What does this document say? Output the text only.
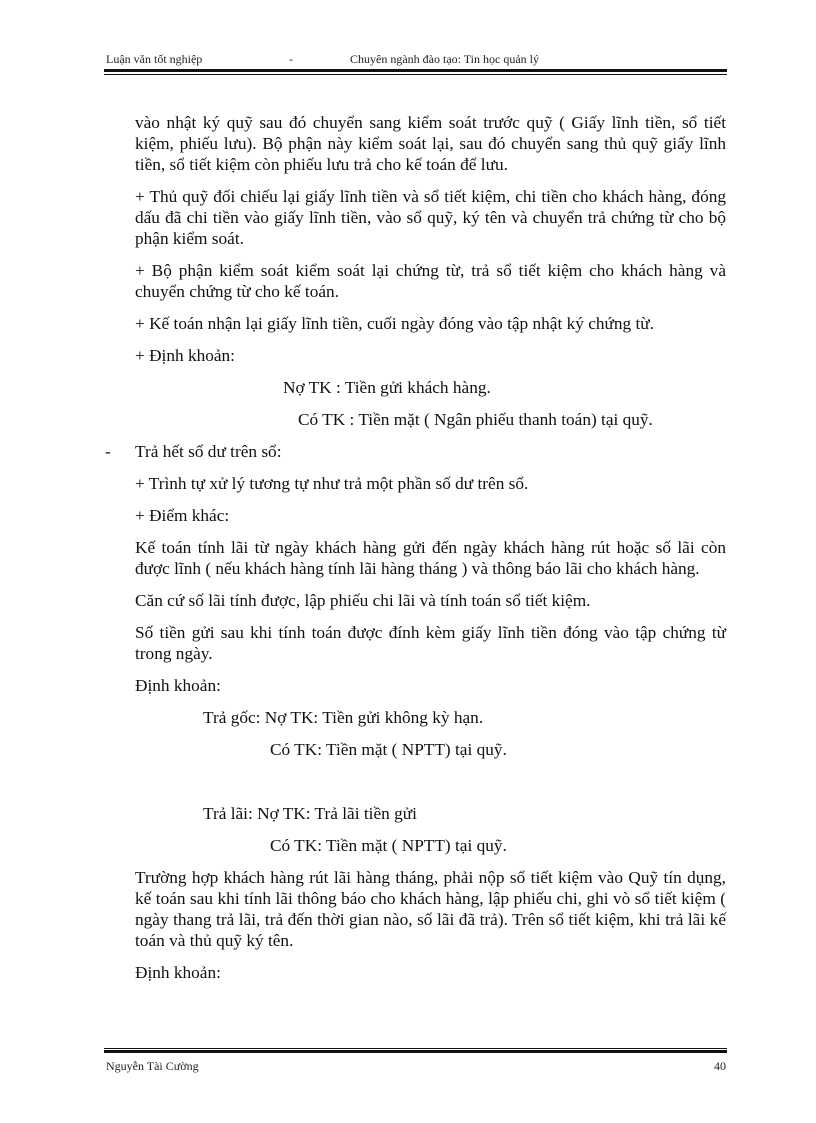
Luận văn tốt nghiệp	-	Chuyên ngành đào tạo: Tin học quản lý

vào nhật ký quỹ sau đó chuyển sang kiểm soát trước quỹ ( Giấy lĩnh tiền, sổ tiết kiệm, phiếu lưu). Bộ phận này kiểm soát lại, sau đó chuyển sang thủ quỹ giấy lĩnh tiền, sổ tiết kiệm còn phiếu lưu trả cho kế toán để lưu.

+ Thủ quỹ đối chiếu lại giấy lĩnh tiền và sổ tiết kiệm, chi tiền cho khách hàng, đóng dấu đã chi tiền vào giấy lĩnh tiền, vào sổ quỹ, ký tên và chuyển trả chứng từ cho bộ phận kiểm soát.

+ Bộ phận kiểm soát kiểm soát lại chứng từ, trả sổ tiết kiệm cho khách hàng và chuyển chứng từ cho kế toán.

+ Kế toán nhận lại giấy lĩnh tiền, cuối ngày đóng vào tập nhật ký chứng từ.

+ Định khoản:

Nợ TK : Tiền gửi khách hàng.

Có TK : Tiền mặt ( Ngân phiếu thanh toán) tại quỹ.

- Trả hết số dư trên sổ:

+ Trình tự xử lý tương tự như trả một phần số dư trên sổ.

+ Điểm khác:

Kế toán tính lãi từ ngày khách hàng gửi đến ngày khách hàng rút hoặc số lãi còn được lĩnh ( nếu khách hàng tính lãi hàng tháng ) và thông báo lãi cho khách hàng.

Căn cứ số lãi tính được, lập phiếu chi lãi và tính toán sổ tiết kiệm.

Số tiền gửi sau khi tính toán được đính kèm giấy lĩnh tiền đóng vào tập chứng từ trong ngày.

Định khoản:

Trả gốc: Nợ TK: Tiền gửi không kỳ hạn.

Có TK: Tiền mặt ( NPTT) tại quỹ.

Trả lãi: Nợ TK: Trả lãi tiền gửi

Có TK: Tiền mặt ( NPTT) tại quỹ.

Trường hợp khách hàng rút lãi hàng tháng, phải nộp sổ tiết kiệm vào Quỹ tín dụng, kế toán sau khi tính lãi thông báo cho khách hàng, lập phiếu chi, ghi vò sổ tiết kiệm ( ngày thang trả lãi, trả đến thời gian nào, số lãi đã trả). Trên sổ tiết kiệm, khi trả lãi kế toán và thủ quỹ ký tên.

Định khoản:

Nguyễn Tài Cường	40
